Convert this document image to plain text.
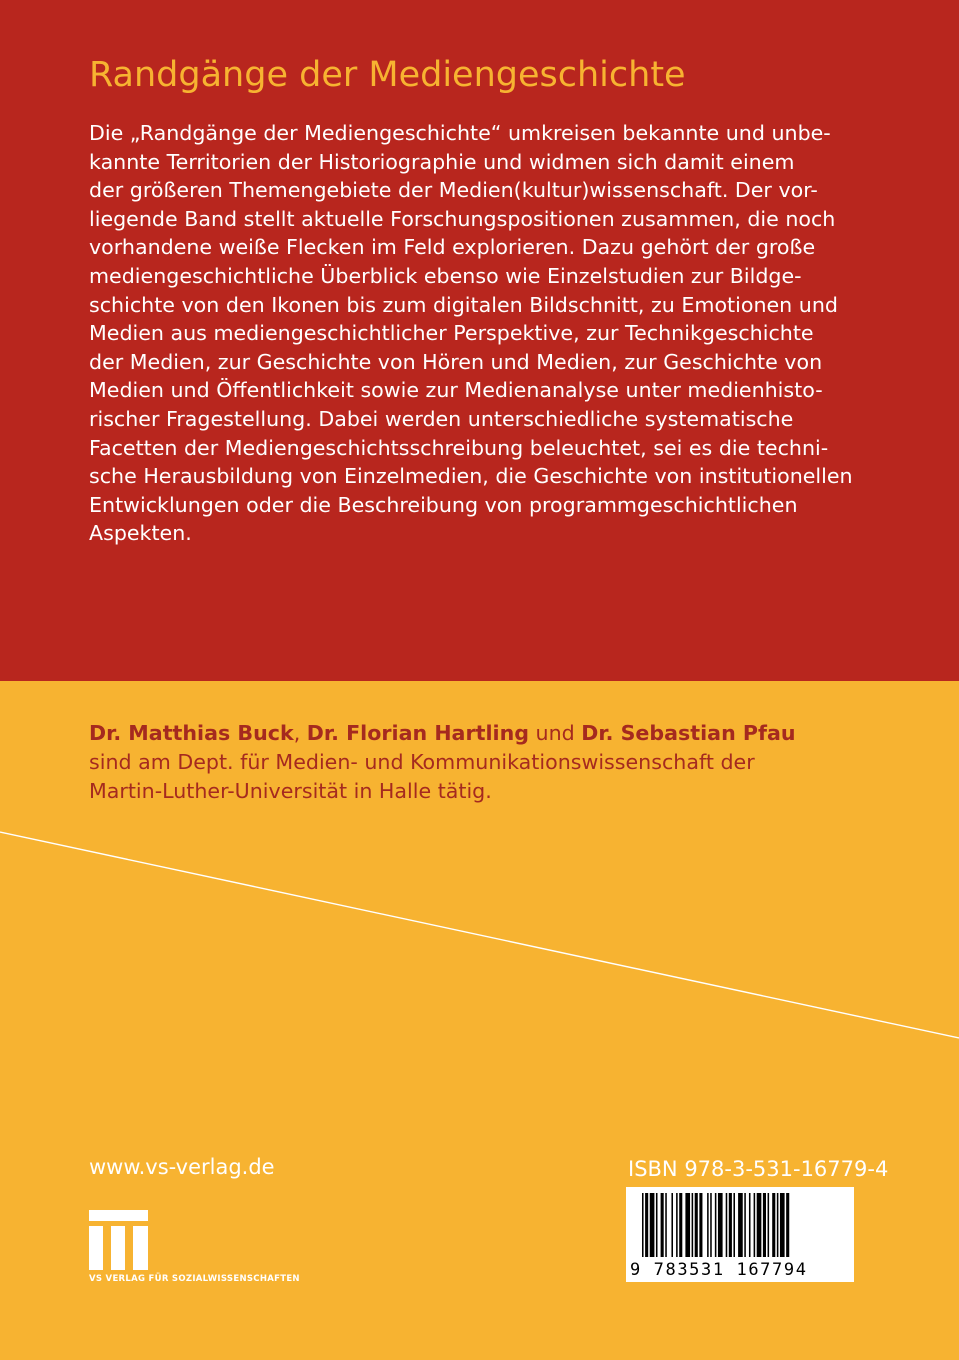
Randgänge der Mediengeschichte
Die „Randgänge der Mediengeschichte“ umkreisen bekannte und unbe-
kannte Territorien der Historiographie und widmen sich damit einem
der größeren Themengebiete der Medien(kultur)wissenschaft. Der vor-
liegende Band stellt aktuelle Forschungspositionen zusammen, die noch
vorhandene weiße Flecken im Feld explorieren. Dazu gehört der große
mediengeschichtliche Überblick ebenso wie Einzelstudien zur Bildge-
schichte von den Ikonen bis zum digitalen Bildschnitt, zu Emotionen und
Medien aus mediengeschichtlicher Perspektive, zur Technikgeschichte
der Medien, zur Geschichte von Hören und Medien, zur Geschichte von
Medien und Öffentlichkeit sowie zur Medienanalyse unter medienhisto-
rischer Fragestellung. Dabei werden unterschiedliche systematische
Facetten der Mediengeschichtsschreibung beleuchtet, sei es die techni-
sche Herausbildung von Einzelmedien, die Geschichte von institutionellen
Entwicklungen oder die Beschreibung von programmgeschichtlichen
Aspekten.
Dr. Matthias Buck, Dr. Florian Hartling und Dr. Sebastian Pfau
sind am Dept. für Medien- und Kommunikationswissenschaft der
Martin-Luther-Universität in Halle tätig.
www.vs-verlag.de
VS VERLAG FÜR SOZIALWISSENSCHAFTEN
ISBN 978-3-531-16779-4
9 783531 167794
